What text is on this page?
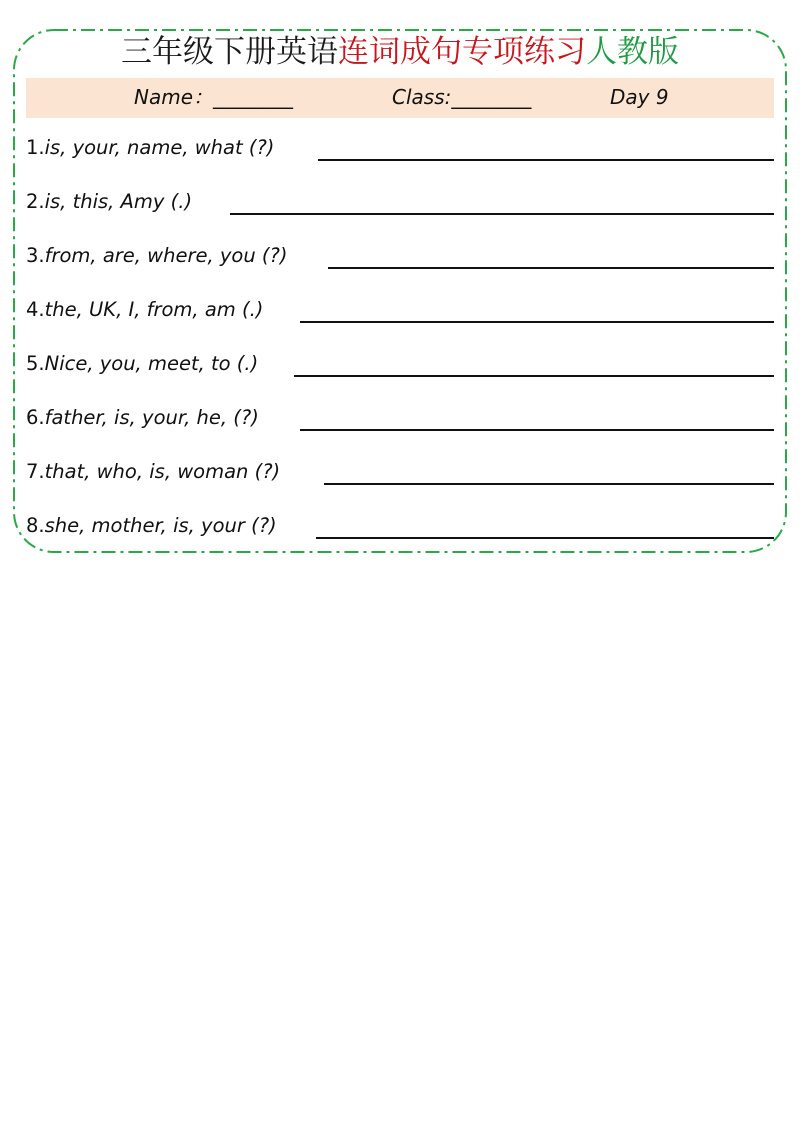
三年级下册英语连词成句专项练习人教版
Name：________	Class:________	Day 9
1.is, your, name, what (?)
2.is, this, Amy (.)
3.from, are, where, you (?)
4.the, UK, I, from, am (.)
5.Nice, you, meet, to (.)
6.father, is, your, he, (?)
7.that, who, is, woman (?)
8.she, mother, is, your (?)
